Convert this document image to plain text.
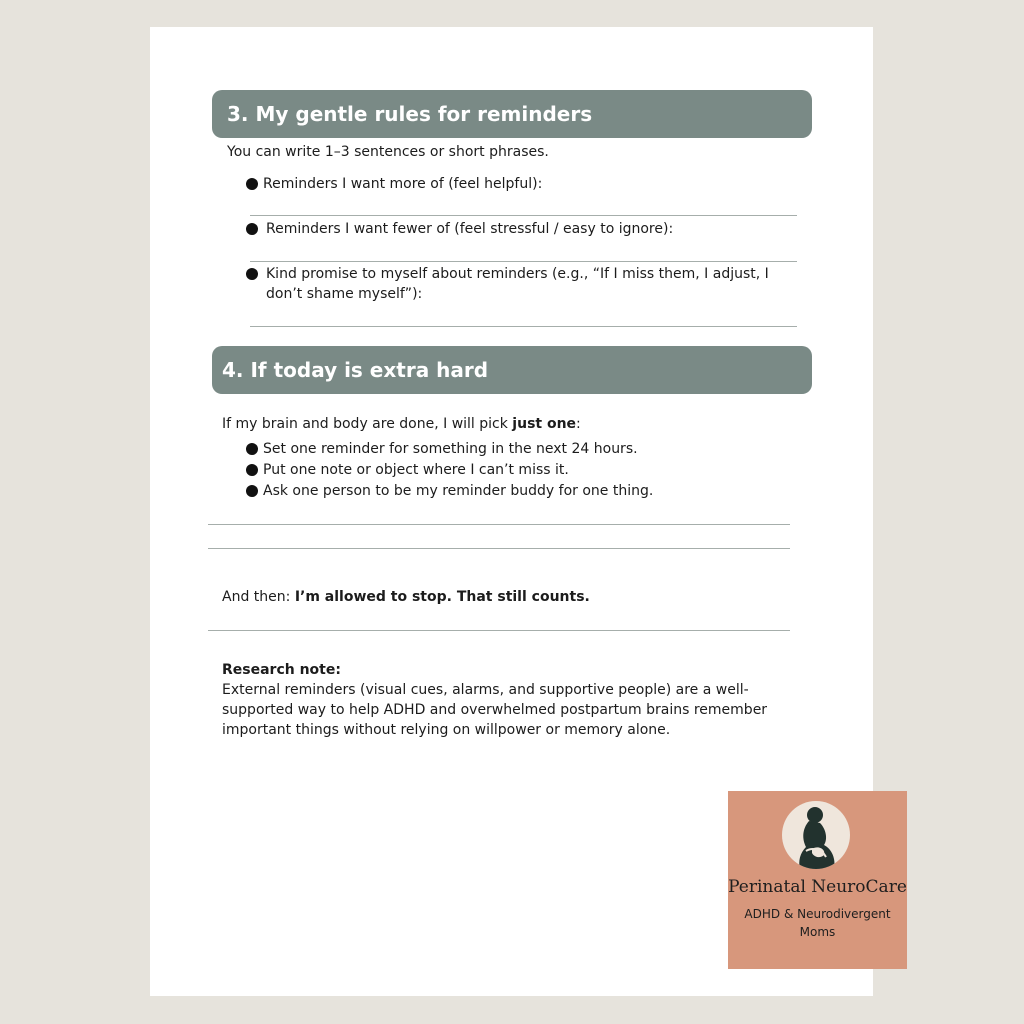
3. My gentle rules for reminders
You can write 1–3 sentences or short phrases.
Reminders I want more of (feel helpful):
Reminders I want fewer of (feel stressful / easy to ignore):
Kind promise to myself about reminders (e.g., “If I miss them, I adjust, I don’t shame myself”):
4. If today is extra hard
If my brain and body are done, I will pick just one:
Set one reminder for something in the next 24 hours.
Put one note or object where I can’t miss it.
Ask one person to be my reminder buddy for one thing.
And then: I’m allowed to stop. That still counts.
Research note:
External reminders (visual cues, alarms, and supportive people) are a well-supported way to help ADHD and overwhelmed postpartum brains remember important things without relying on willpower or memory alone.
Perinatal NeuroCare
ADHD & Neurodivergent Moms
